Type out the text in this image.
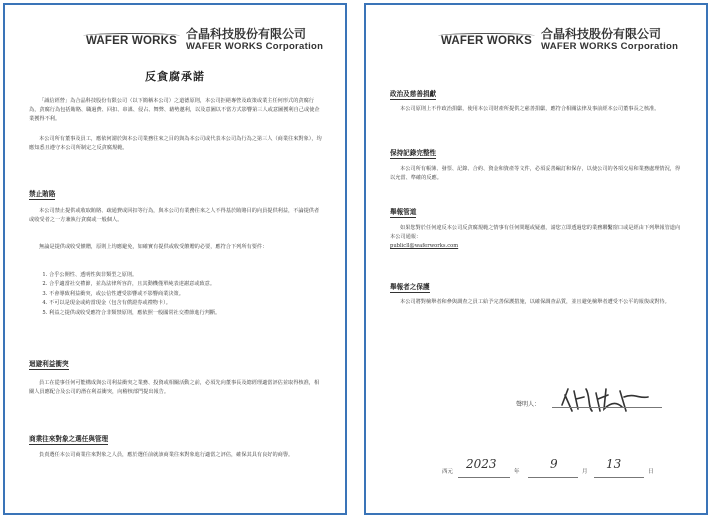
WAFER WORKS 合晶科技股份有限公司
WAFER WORKS Corporation
反貪腐承諾
「誠信經營」為合晶科技股份有限公司（以下簡稱本公司）之道德原則，本公司拒絕專營及政策或業主任何形式的貪腐行為，貪腐行為包括賄賂、職過費、回扣、串謀、侵占、舞弊、藉勢邀利，以及意圖以不當方式影響第三人或意圖獲利自己或使企業獲得不利。
本公司所有董事及員工，應依何謂於與本公司業務往來之目的與為本公司或代表本公司為行為之第三人（商業往來對象），均應知悉且遵守本公司所制定之反貪腐規範。
禁止賄賂
本公司禁止提供或收取賄賂、疏通費或回扣等行為，與本公司有業務往來之人不得基於賄賂目的向員提供利益，不論提供者或收受者之一方兼執行貪腐或一般個人。
無論是提供或收受饋贈，原則上均應避免，如確實有提供或收受饋贈的必要，應符合下列所有要件：
1. 合乎公開性、透明性與非類型之原則。
2. 合乎適當社交禮節，並為法律所容許，且其動機僅單純表達謝意或致意。
3. 不會導致利益衝突，或公信性遭受影響或不影響商業決策。
4. 不可以是現金或約當現金（包含有償證券或禮物卡）。
5. 利益之提供或收受應符合非類禁原則，應依照一般國常社交禮節進行判斷。
迴避利益衝突
員工在從事任何可能構成與公司利益衝突之業務、投資或相關活動之前，必須先向董事長及總經理適當評估並取得核准，相關人員應配合及公司的潛在利益衝突，向稽核部門提出報告。
商業往來對象之選任與管理
負責選任本公司商業往來對象之人員，應於選任前就該商業往來對象進行適當之評估，確保其具有良好的商譽。
WAFER WORKS 合晶科技股份有限公司
WAFER WORKS Corporation
政治及慈善捐獻
本公司原則上不作政治捐獻，使用本公司財產所提供之慈善捐獻，應符合相關法律及事前經本公司董事長之核准。
保持記錄完整性
本公司所有帳簿、發票、記錄、合約、資金和資產等文件，必須妥善編訂和保存，以使公司的各項交易和業務處理情況，得以允當、準確的反應。
舉報管道
如果您對於任何違反本公司反貪腐規範之情事有任何問題或疑慮，請您立即透過您的業務聯繫窗口或是經由下列舉報管道向本公司通報：
publicll@waferworks.com
舉報者之保護
本公司將對檢舉者和參與調查之員工給予完善保護措施，以確保調查品質，並且避免檢舉者遭受不公平的報復或對待。
聲明人：
西元
2023
年
9
月
13
日
